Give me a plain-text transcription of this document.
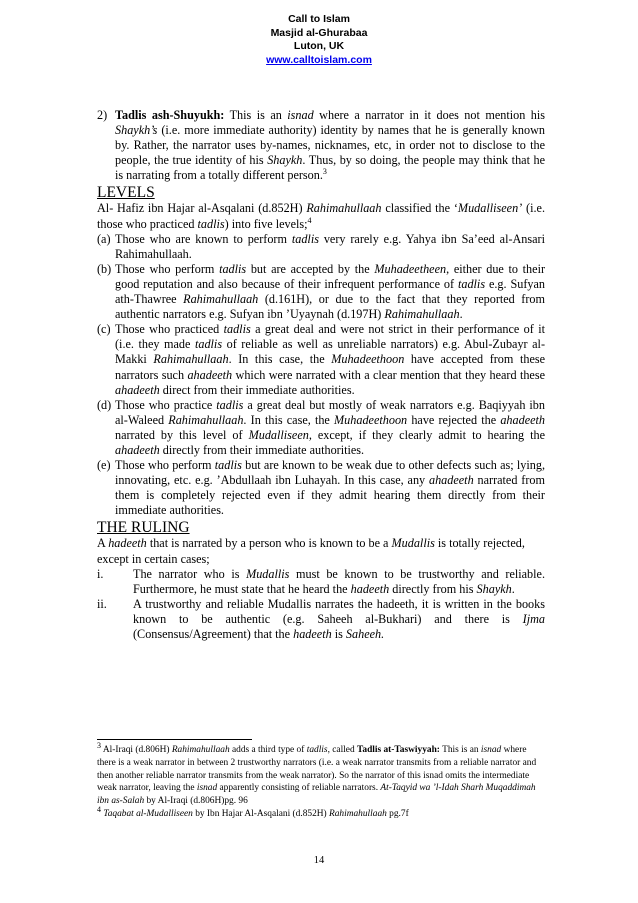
Call to Islam
Masjid al-Ghurabaa
Luton, UK
www.calltoislam.com
2) Tadlis ash-Shuyukh: This is an isnad where a narrator in it does not mention his Shaykh’s (i.e. more immediate authority) identity by names that he is generally known by. Rather, the narrator uses by-names, nicknames, etc, in order not to disclose to the people, the true identity of his Shaykh. Thus, by so doing, the people may think that he is narrating from a totally different person.$^3$
LEVELS

Al- Hafiz ibn Hajar al-Asqalani (d.852H) Rahimahullaah classified the ‘Mudalliseen’ (i.e. those who practiced tadlis) into five levels;$^4$

(a) Those who are known to perform tadlis very rarely e.g. Yahya ibn Sa’eed al-Ansari Rahimahullaah.
(b) Those who perform tadlis but are accepted by the Muhadeetheen, either due to their good reputation and also because of their infrequent performance of tadlis e.g. Sufyan ath-Thawree Rahimahullaah (d.161H), or due to the fact that they reported from authentic narrators e.g. Sufyan ibn ’Uyaynah (d.197H) Rahimahullaah.
(c) Those who practiced tadlis a great deal and were not strict in their performance of it (i.e. they made tadlis of reliable as well as unreliable narrators) e.g. Abul-Zubayr al-Makki Rahimahullaah. In this case, the Muhadeethoon have accepted from these narrators such ahadeeth which were narrated with a clear mention that they heard these ahadeeth direct from their immediate authorities.
(d) Those who practice tadlis a great deal but mostly of weak narrators e.g. Baqiyyah ibn al-Waleed Rahimahullaah. In this case, the Muhadeethoon have rejected the ahadeeth narrated by this level of Mudalliseen, except, if they clearly admit to hearing the ahadeeth directly from their immediate authorities.
(e) Those who perform tadlis but are known to be weak due to other defects such as; lying, innovating, etc. e.g. ’Abdullaah ibn Luhayah. In this case, any ahadeeth narrated from them is completely rejected even if they admit hearing them directly from their immediate authorities.
THE RULING

A hadeeth that is narrated by a person who is known to be a Mudallis is totally rejected, except in certain cases;

i.	The narrator who is Mudallis must be known to be trustworthy and reliable. Furthermore, he must state that he heard the hadeeth directly from his Shaykh.
ii.	A trustworthy and reliable Mudallis narrates the hadeeth, it is written in the books known to be authentic (e.g. Saheeh al-Bukhari) and there is Ijma (Consensus/Agreement) that the hadeeth is Saheeh.
$^3$ Al-Iraqi (d.806H) Rahimahullaah adds a third type of tadlis, called Tadlis at-Taswiyyah: This is an isnad where there is a weak narrator in between 2 trustworthy narrators (i.e. a weak narrator transmits from a reliable narrator and then another reliable narrator transmits from the weak narrator). So the narrator of this isnad omits the intermediate weak narrator, leaving the isnad apparently consisting of reliable narrators. At-Taqyid wa ’l-Idah Sharh Muqaddimah ibn as-Salah by Al-Iraqi (d.806H)pg. 96
$^4$ Taqabat al-Mudalliseen by Ibn Hajar Al-Asqalani (d.852H) Rahimahullaah pg.7f
14
